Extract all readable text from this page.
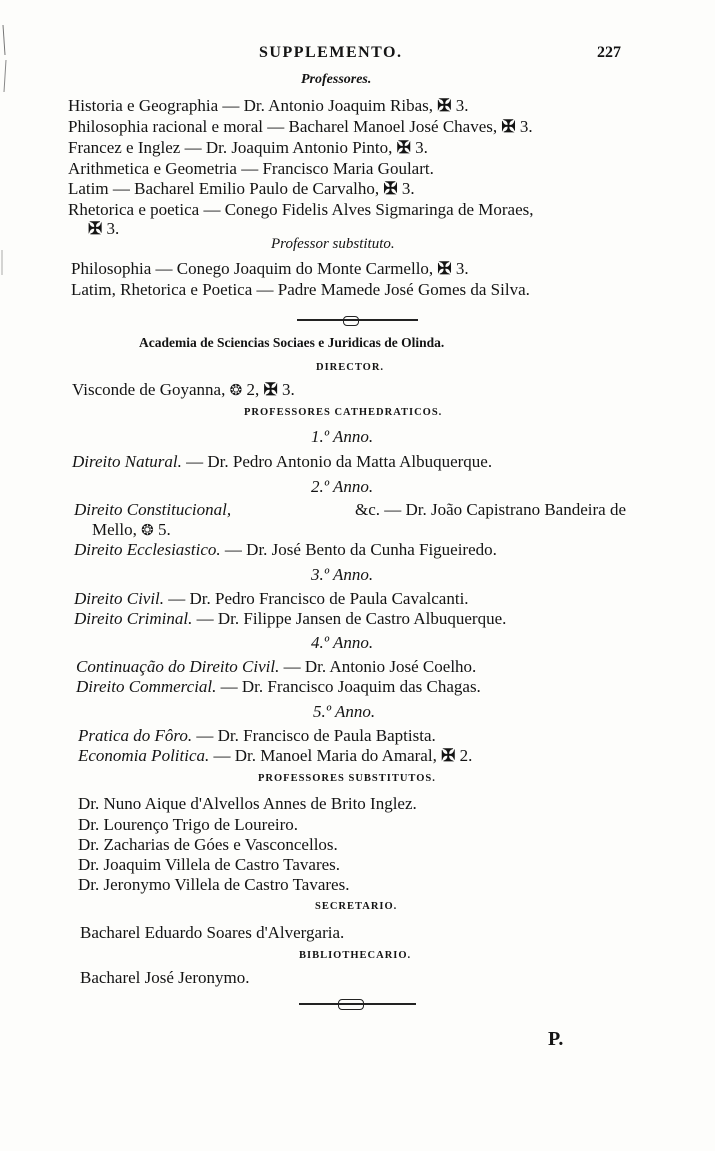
SUPPLEMENTO.	227
Professores.
Historia e Geographia — Dr. Antonio Joaquim Ribas, ✠ 3.
Philosophia racional e moral — Bacharel Manoel José Chaves, ✠ 3.
Francez e Inglez — Dr. Joaquim Antonio Pinto, ✠ 3.
Arithmetica e Geometria — Francisco Maria Goulart.
Latim — Bacharel Emilio Paulo de Carvalho, ✠ 3.
Rhetorica e poetica — Conego Fidelis Alves Sigmaringa de Moraes,
✠ 3.
Professor substituto.
Philosophia — Conego Joaquim do Monte Carmello, ✠ 3.
Latim, Rhetorica e Poetica — Padre Mamede José Gomes da Silva.
Academia de Sciencias Sociaes e Juridicas de Olinda.
DIRECTOR.
Visconde de Goyanna, ❂ 2, ✠ 3.
PROFESSORES CATHEDRATICOS.
1.º Anno.
Direito Natural. — Dr. Pedro Antonio da Matta Albuquerque.
2.º Anno.
Direito Constitucional,	&c. — Dr. João Capistrano Bandeira de
Mello, ❂ 5.
Direito Ecclesiastico. — Dr. José Bento da Cunha Figueiredo.
3.º Anno.
Direito Civil. — Dr. Pedro Francisco de Paula Cavalcanti.
Direito Criminal. — Dr. Filippe Jansen de Castro Albuquerque.
4.º Anno.
Continuação do Direito Civil. — Dr. Antonio José Coelho.
Direito Commercial. — Dr. Francisco Joaquim das Chagas.
5.º Anno.
Pratica do Fôro. — Dr. Francisco de Paula Baptista.
Economia Politica. — Dr. Manoel Maria do Amaral, ✠ 2.
PROFESSORES SUBSTITUTOS.
Dr. Nuno Aique d'Alvellos Annes de Brito Inglez.
Dr. Lourenço Trigo de Loureiro.
Dr. Zacharias de Góes e Vasconcellos.
Dr. Joaquim Villela de Castro Tavares.
Dr. Jeronymo Villela de Castro Tavares.
SECRETARIO.
Bacharel Eduardo Soares d'Alvergaria.
BIBLIOTHECARIO.
Bacharel José Jeronymo.
P.
